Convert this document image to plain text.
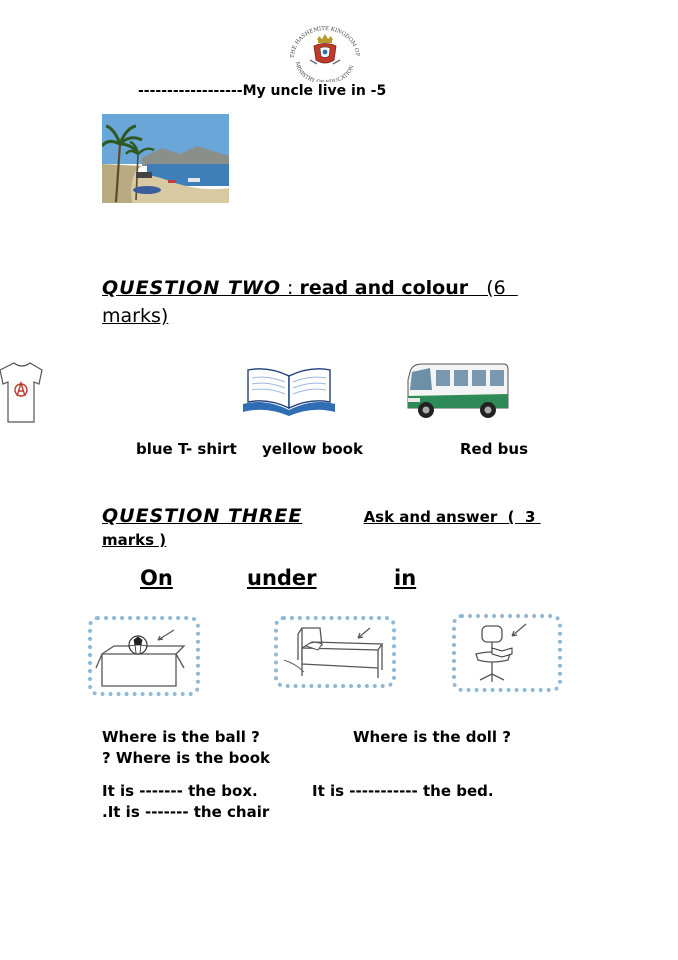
THE HASHEMITE KINGDOM OF
MINISTRY UCATION
------------------My uncle live in -5
QUESTION TWO : read and colour   (6
marks)
blue T- shirt yellow book	Red bus
QUESTION THREE	Ask and answer  (  3
marks )
On	under	in
Where is the ball ?	Where is the doll ?
? Where is the book
It is ------- the box.	It is ----------- the bed.
.It is ------- the chair
